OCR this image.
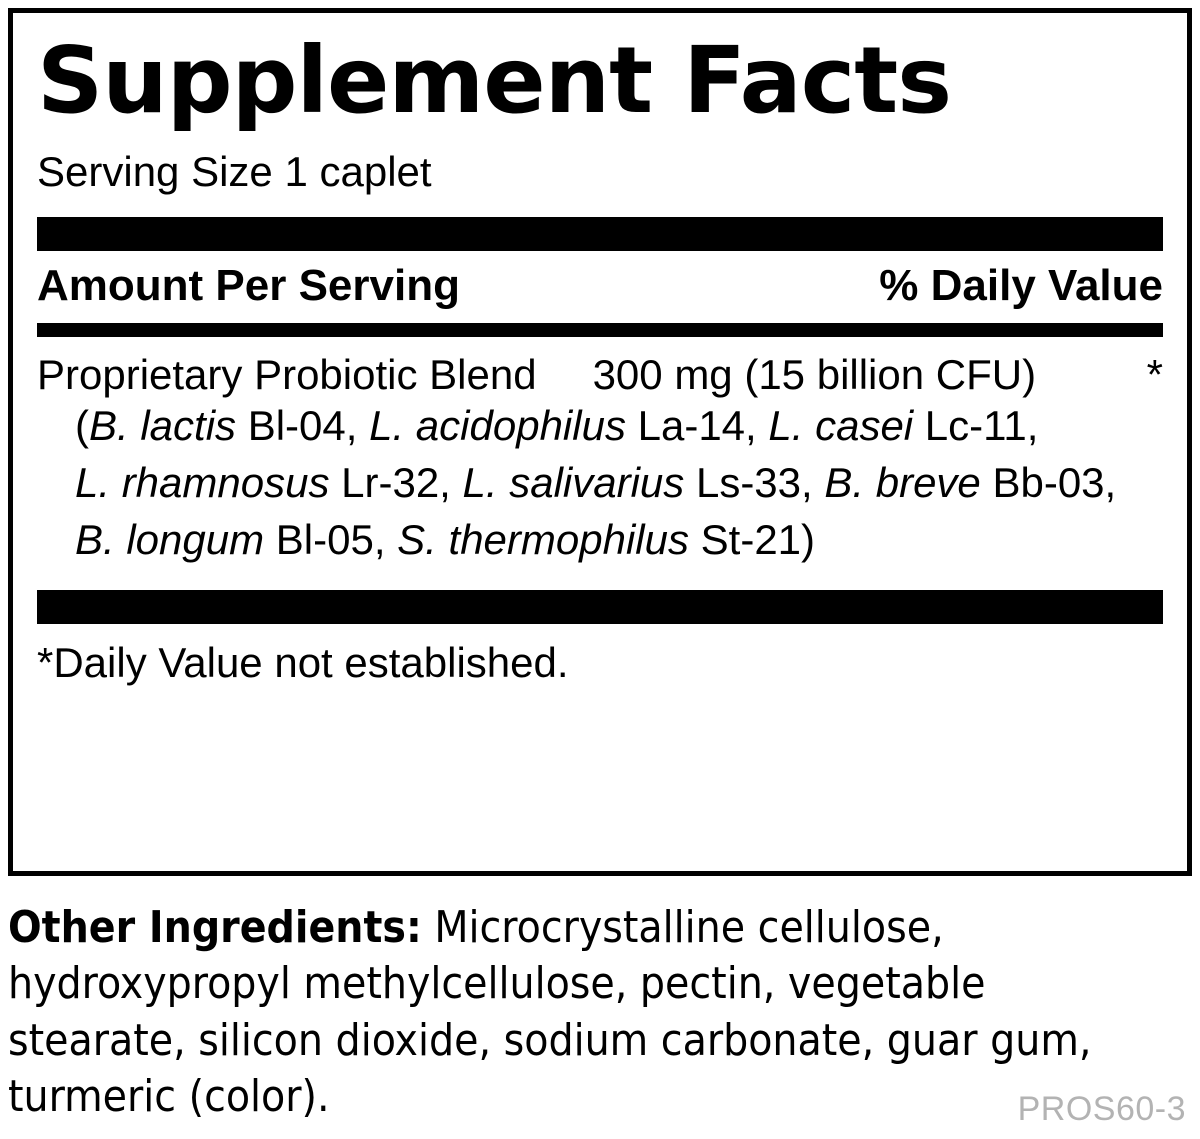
Supplement Facts
Serving Size 1 caplet
Amount Per Serving	% Daily Value
Proprietary Probiotic Blend 300 mg (15 billion CFU)	*
(B. lactis Bl-04, L. acidophilus La-14, L. casei Lc-11,
L. rhamnosus Lr-32, L. salivarius Ls-33, B. breve Bb-03,
B. longum Bl-05, S. thermophilus St-21)
*Daily Value not established.
Other Ingredients: Microcrystalline cellulose, hydroxypropyl methylcellulose, pectin, vegetable stearate, silicon dioxide, sodium carbonate, guar gum, turmeric (color).	PROS60-3
